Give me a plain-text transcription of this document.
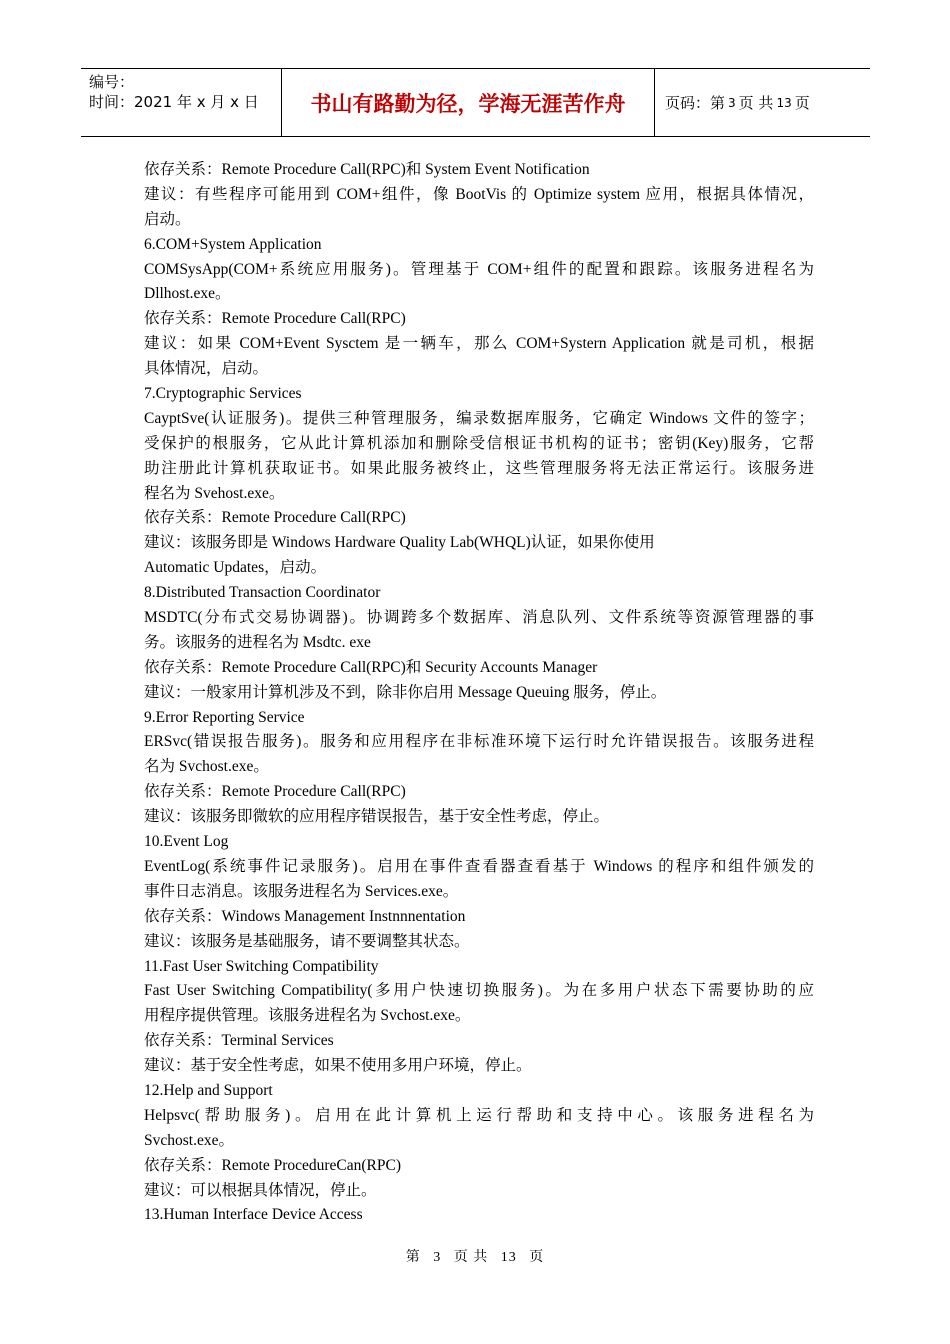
编号：
时间：2021 年 x 月 x 日	书山有路勤为径，学海无涯苦作舟	页码：第 3 页 共 13 页
依存关系：Remote Procedure Call(RPC)和 System Event Notification
建议：有些程序可能用到 COM+组件，像 BootVis 的 Optimize system 应用，根据具体情况，
启动。
6.COM+System Application
COMSysApp(COM+系统应用服务)。管理基于 COM+组件的配置和跟踪。该服务进程名为
Dllhost.exe。
依存关系：Remote Procedure Call(RPC)
建议：如果 COM+Event Sysctem 是一辆车，那么 COM+Systern Application 就是司机，根据
具体情况，启动。
7.Cryptographic Services
CayptSve(认证服务)。提供三种管理服务，编录数据库服务，它确定 Windows 文件的签字；
受保护的根服务，它从此计算机添加和删除受信根证书机构的证书；密钥(Key)服务，它帮
助注册此计算机获取证书。如果此服务被终止，这些管理服务将无法正常运行。该服务进
程名为 Svehost.exe。
依存关系：Remote Procedure Call(RPC)
建议：该服务即是 Windows Hardware Quality Lab(WHQL)认证，如果你使用
Automatic Updates，启动。
8.Distributed Transaction Coordinator
MSDTC(分布式交易协调器)。协调跨多个数据库、消息队列、文件系统等资源管理器的事
务。该服务的进程名为 Msdtc. exe
依存关系：Remote Procedure Call(RPC)和 Security Accounts Manager
建议：一般家用计算机涉及不到，除非你启用 Message Queuing 服务，停止。
9.Error Reporting Service
ERSvc(错误报告服务)。服务和应用程序在非标准环境下运行时允许错误报告。该服务进程
名为 Svchost.exe。
依存关系：Remote Procedure Call(RPC)
建议：该服务即微软的应用程序错误报告，基于安全性考虑，停止。
10.Event Log
EventLog(系统事件记录服务)。启用在事件查看器查看基于 Windows 的程序和组件颁发的
事件日志消息。该服务进程名为 Services.exe。
依存关系：Windows Management Instnnnentation
建议：该服务是基础服务，请不要调整其状态。
11.Fast User Switching Compatibility
Fast User Switching Compatibility(多用户快速切换服务)。为在多用户状态下需要协助的应
用程序提供管理。该服务进程名为 Svchost.exe。
依存关系：Terminal Services
建议：基于安全性考虑，如果不使用多用户环境，停止。
12.Help and Support
Helpsvc(帮助服务)。启用在此计算机上运行帮助和支持中心。该服务进程名为
Svchost.exe。
依存关系：Remote ProcedureCan(RPC)
建议：可以根据具体情况，停止。
13.Human Interface Device Access
第 3 页 共 13 页
